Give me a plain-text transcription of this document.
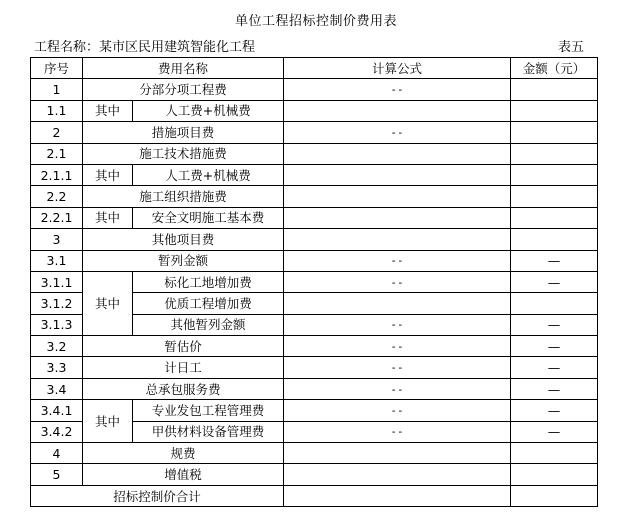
单位工程招标控制价费用表
工程名称：某市区民用建筑智能化工程	表五
序号	费用名称		计算公式	金额（元）
1	分部分项工程费		--	
1.1	其中	人工费+机械费		
2	措施项目费		--	
2.1	施工技术措施费			
2.1.1	其中	人工费+机械费		
2.2	施工组织措施费			
2.2.1	其中	安全文明施工基本费		
3	其他项目费			
3.1	暂列金额		--	—
3.1.1	其中	标化工地增加费	--	—
3.1.2		优质工程增加费		
3.1.3		其他暂列金额	--	—
3.2	暂估价		--	—
3.3	计日工		--	—
3.4	总承包服务费		--	—
3.4.1	其中	专业发包工程管理费	--	—
3.4.2		甲供材料设备管理费	--	—
4	规费			
5	增值税			
招标控制价合计				
